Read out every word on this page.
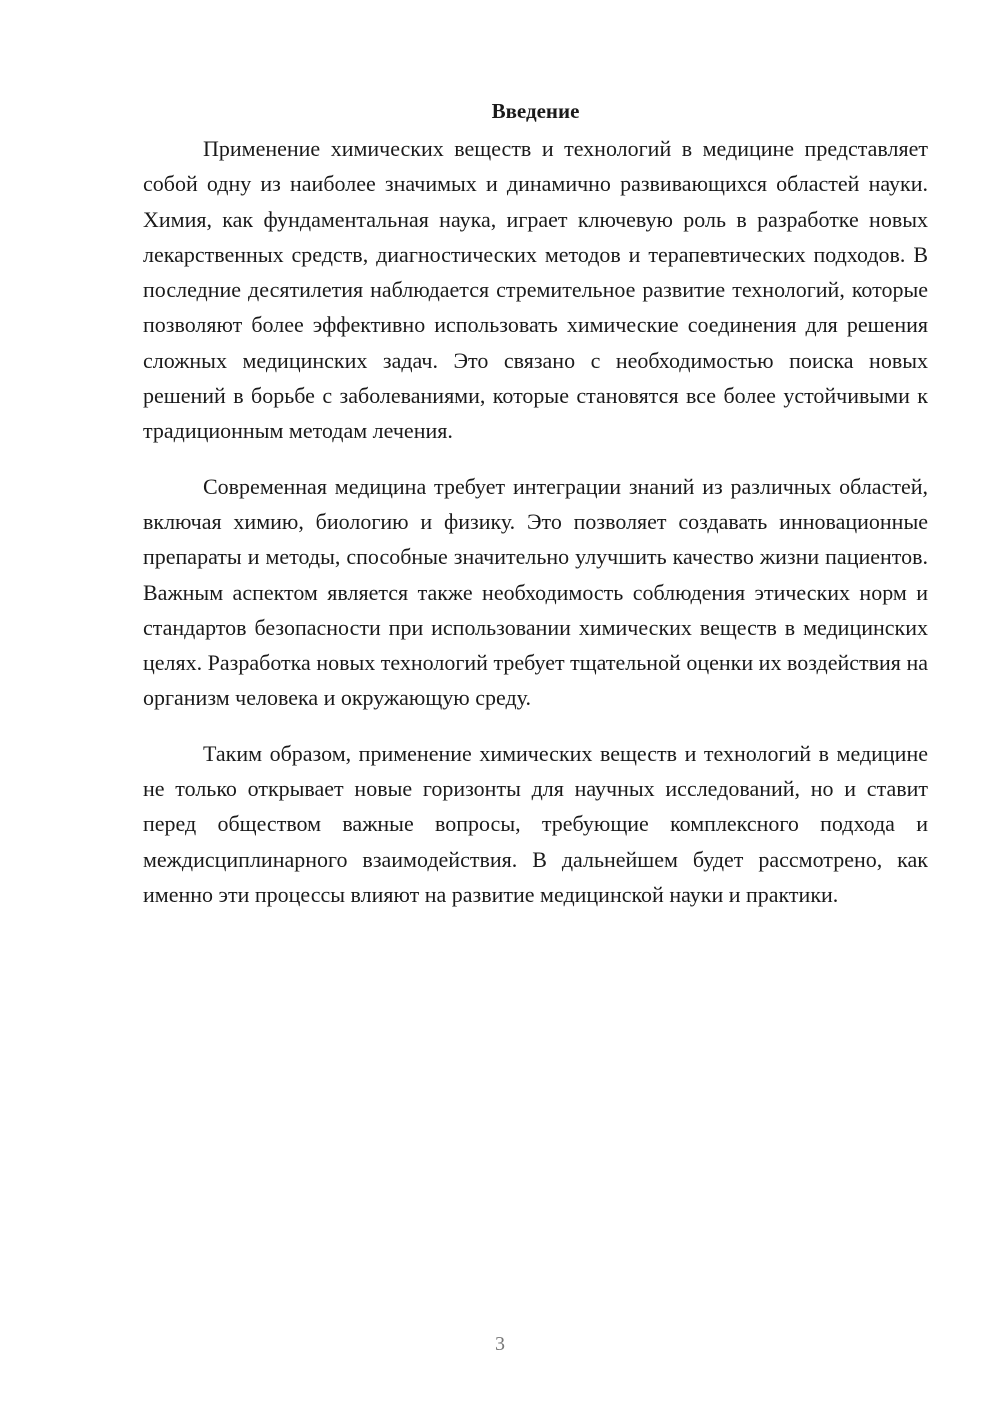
Введение

Применение химических веществ и технологий в медицине представляет собой одну из наиболее значимых и динамично развивающихся областей науки. Химия, как фундаментальная наука, играет ключевую роль в разработке новых лекарственных средств, диагностических методов и терапевтических подходов. В последние десятилетия наблюдается стремительное развитие технологий, которые позволяют более эффективно использовать химические соединения для решения сложных медицинских задач. Это связано с необходимостью поиска новых решений в борьбе с заболеваниями, которые становятся все более устойчивыми к традиционным методам лечения.

Современная медицина требует интеграции знаний из различных областей, включая химию, биологию и физику. Это позволяет создавать инновационные препараты и методы, способные значительно улучшить качество жизни пациентов. Важным аспектом является также необходимость соблюдения этических норм и стандартов безопасности при использовании химических веществ в медицинских целях. Разработка новых технологий требует тщательной оценки их воздействия на организм человека и окружающую среду.

Таким образом, применение химических веществ и технологий в медицине не только открывает новые горизонты для научных исследований, но и ставит перед обществом важные вопросы, требующие комплексного подхода и междисциплинарного взаимодействия. В дальнейшем будет рассмотрено, как именно эти процессы влияют на развитие медицинской науки и практики.

3
